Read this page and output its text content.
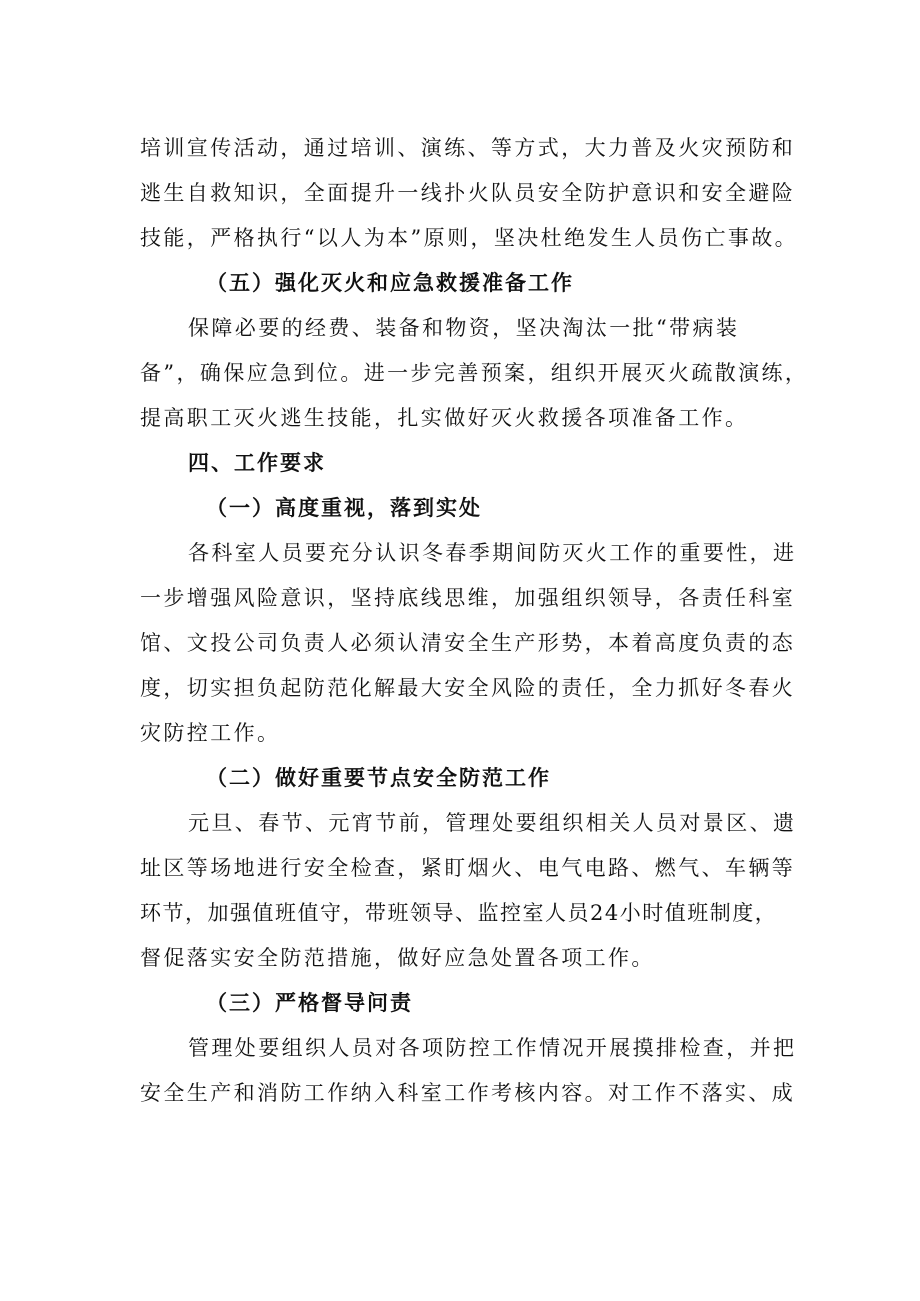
培训宣传活动，通过培训、演练、等方式，大力普及火灾预防和
逃生自救知识，全面提升一线扑火队员安全防护意识和安全避险
技能，严格执行“以人为本”原则，坚决杜绝发生人员伤亡事故。
（五）强化灭火和应急救援准备工作
保障必要的经费、装备和物资，坚决淘汰一批“带病装
备”，确保应急到位。进一步完善预案，组织开展灭火疏散演练，
提高职工灭火逃生技能，扎实做好灭火救援各项准备工作。
四、工作要求
（一）高度重视，落到实处
各科室人员要充分认识冬春季期间防灭火工作的重要性，进
一步增强风险意识，坚持底线思维，加强组织领导，各责任科室
馆、文投公司负责人必须认清安全生产形势，本着高度负责的态
度，切实担负起防范化解最大安全风险的责任，全力抓好冬春火
灾防控工作。
（二）做好重要节点安全防范工作
元旦、春节、元宵节前，管理处要组织相关人员对景区、遗
址区等场地进行安全检查，紧盯烟火、电气电路、燃气、车辆等
环节，加强值班值守，带班领导、监控室人员24小时值班制度，
督促落实安全防范措施，做好应急处置各项工作。
（三）严格督导问责
管理处要组织人员对各项防控工作情况开展摸排检查，并把
安全生产和消防工作纳入科室工作考核内容。对工作不落实、成
